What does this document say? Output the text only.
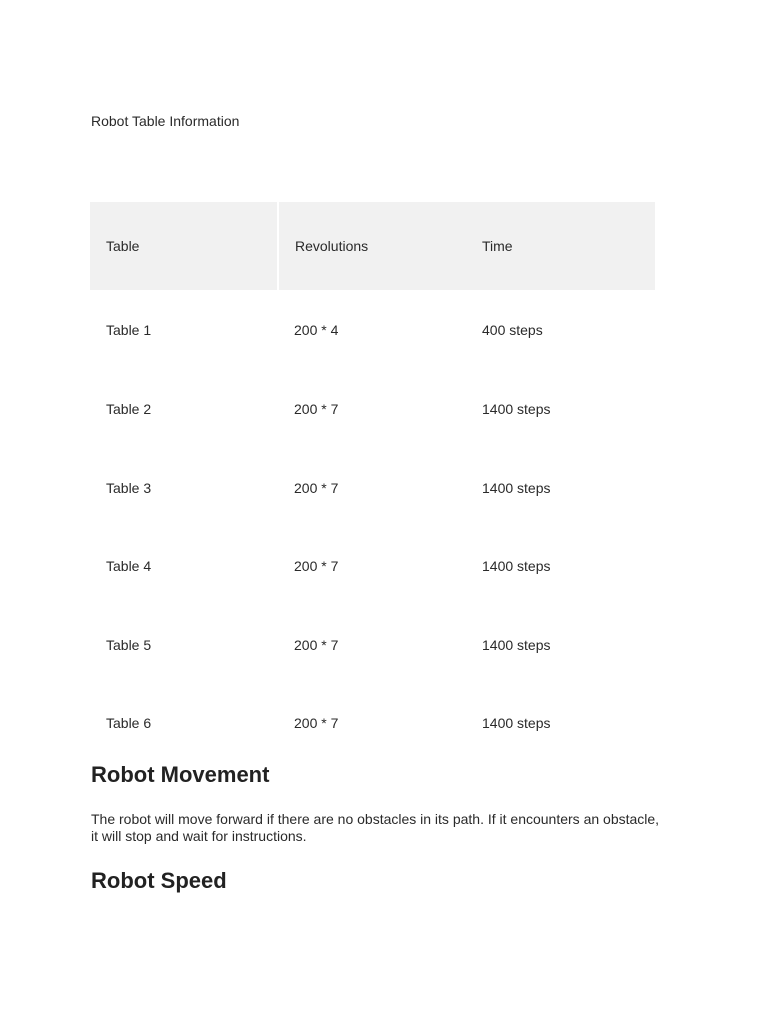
Robot Table Information
Table	Revolutions	Time
Table 1	200 * 4	400 steps
Table 2	200 * 7	1400 steps
Table 3	200 * 7	1400 steps
Table 4	200 * 7	1400 steps
Table 5	200 * 7	1400 steps
Table 6	200 * 7	1400 steps
Robot Movement

The robot will move forward if there are no obstacles in its path. If it encounters an obstacle, it will stop and wait for instructions.

Robot Speed
